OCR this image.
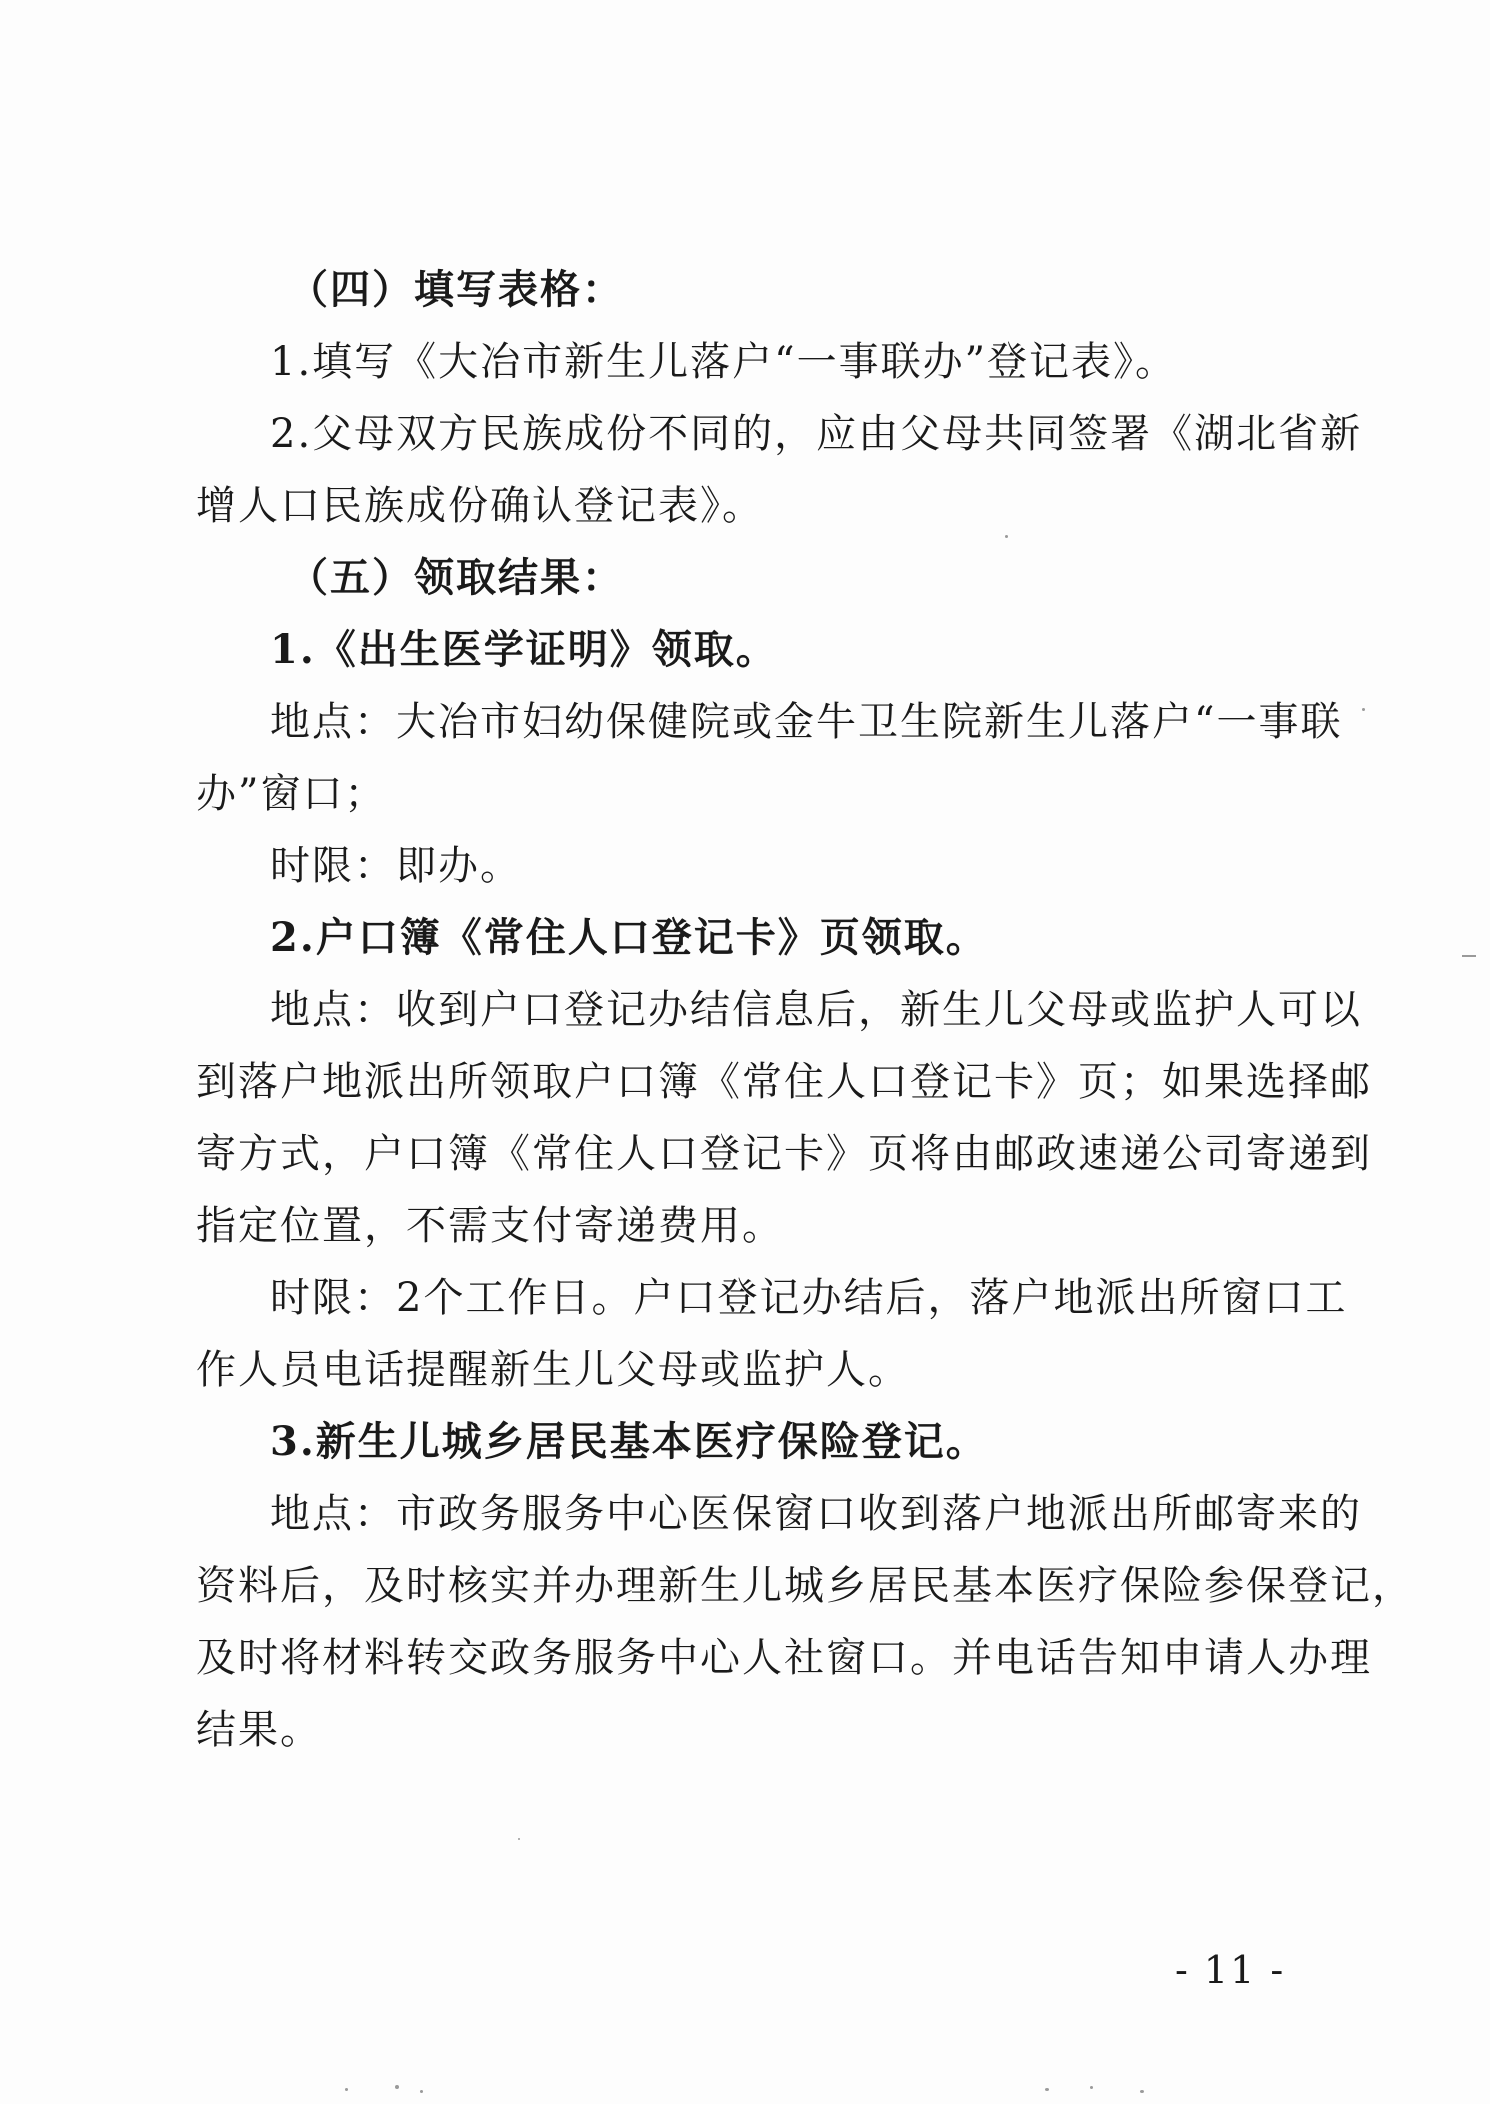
（四）填写表格：
1.填写《大冶市新生儿落户“一事联办”登记表》。
2.父母双方民族成份不同的，应由父母共同签署《湖北省新
增人口民族成份确认登记表》。
（五）领取结果：
1.《出生医学证明》领取。
地点：大冶市妇幼保健院或金牛卫生院新生儿落户“一事联
办”窗口；
时限：即办。
2.户口簿《常住人口登记卡》页领取。
地点：收到户口登记办结信息后，新生儿父母或监护人可以
到落户地派出所领取户口簿《常住人口登记卡》页；如果选择邮
寄方式，户口簿《常住人口登记卡》页将由邮政速递公司寄递到
指定位置，不需支付寄递费用。
时限：2个工作日。户口登记办结后，落户地派出所窗口工
作人员电话提醒新生儿父母或监护人。
3.新生儿城乡居民基本医疗保险登记。
地点：市政务服务中心医保窗口收到落户地派出所邮寄来的
资料后，及时核实并办理新生儿城乡居民基本医疗保险参保登记，
及时将材料转交政务服务中心人社窗口。并电话告知申请人办理
结果。
- 11 -
